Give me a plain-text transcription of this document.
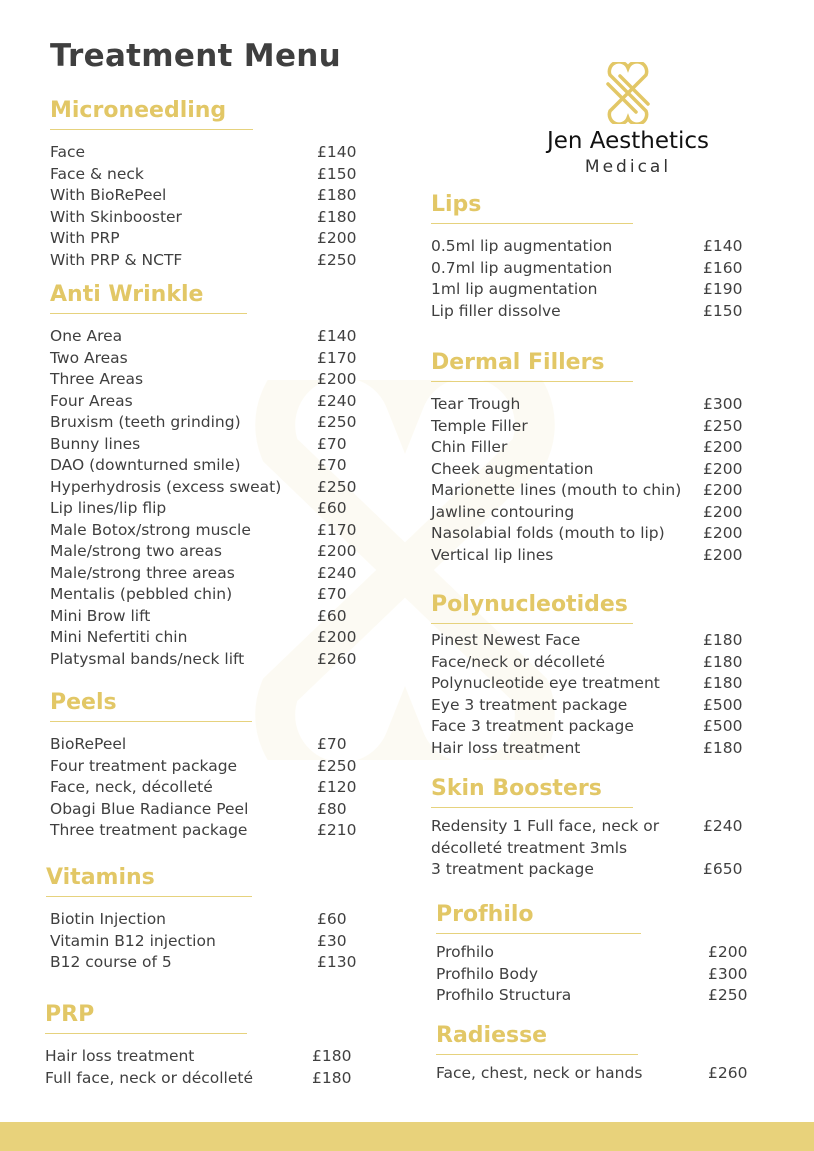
Treatment Menu
Jen Aesthetics
Medical
Microneedling
Face	£140
Face & neck	£150
With BioRePeel	£180
With Skinbooster	£180
With PRP	£200
With PRP & NCTF	£250
Anti Wrinkle
One Area	£140
Two Areas	£170
Three Areas	£200
Four Areas	£240
Bruxism (teeth grinding)	£250
Bunny lines	£70
DAO (downturned smile)	£70
Hyperhydrosis (excess sweat) £250
Lip lines/lip flip	£60
Male Botox/strong muscle	£170
Male/strong two areas	£200
Male/strong three areas	£240
Mentalis (pebbled chin)	£70
Mini Brow lift	£60
Mini Nefertiti chin	£200
Platysmal bands/neck lift	£260
Peels
BioRePeel	£70
Four treatment package	£250
Face, neck, décolleté	£120
Obagi Blue Radiance Peel	£80
Three treatment package	£210
Vitamins
Biotin Injection	£60
Vitamin B12 injection	£30
B12 course of 5	£130
PRP
Hair loss treatment	£180
Full face, neck or décolleté	£180
Lips
0.5ml lip augmentation	£140
0.7ml lip augmentation	£160
1ml lip augmentation	£190
Lip filler dissolve	£150
Dermal Fillers
Tear Trough	£300
Temple Filler	£250
Chin Filler	£200
Cheek augmentation	£200
Marionette lines (mouth to chin) £200
Jawline contouring	£200
Nasolabial folds (mouth to lip) £200
Vertical lip lines	£200
Polynucleotides
Pinest Newest Face	£180
Face/neck or décolleté	£180
Polynucleotide eye treatment	£180
Eye 3 treatment package	£500
Face 3 treatment package	£500
Hair loss treatment	£180
Skin Boosters
Redensity 1 Full face, neck or	£240
décolleté treatment 3mls
3 treatment package	£650
Profhilo
Profhilo	£200
Profhilo Body	£300
Profhilo Structura	£250
Radiesse
Face, chest, neck or hands	£260
